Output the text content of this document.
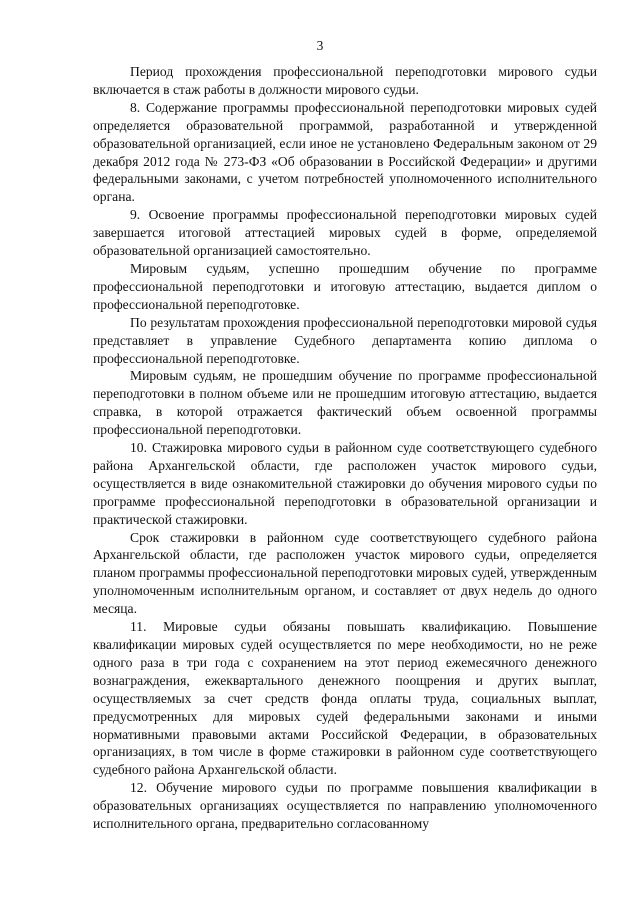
3

Период прохождения профессиональной переподготовки мирового судьи включается в стаж работы в должности мирового судьи.

8. Содержание программы профессиональной переподготовки мировых судей определяется образовательной программой, разработанной и утвержденной образовательной организацией, если иное не установлено Федеральным законом от 29 декабря 2012 года № 273-ФЗ «Об образовании в Российской Федерации» и другими федеральными законами, с учетом потребностей уполномоченного исполнительного органа.

9. Освоение программы профессиональной переподготовки мировых судей завершается итоговой аттестацией мировых судей в форме, определяемой образовательной организацией самостоятельно.

Мировым судьям, успешно прошедшим обучение по программе профессиональной переподготовки и итоговую аттестацию, выдается диплом о профессиональной переподготовке.

По результатам прохождения профессиональной переподготовки мировой судья представляет в управление Судебного департамента копию диплома о профессиональной переподготовке.

Мировым судьям, не прошедшим обучение по программе профессиональной переподготовки в полном объеме или не прошедшим итоговую аттестацию, выдается справка, в которой отражается фактический объем освоенной программы профессиональной переподготовки.

10. Стажировка мирового судьи в районном суде соответствующего судебного района Архангельской области, где расположен участок мирового судьи, осуществляется в виде ознакомительной стажировки до обучения мирового судьи по программе профессиональной переподготовки в образовательной организации и практической стажировки.

Срок стажировки в районном суде соответствующего судебного района Архангельской области, где расположен участок мирового судьи, определяется планом программы профессиональной переподготовки мировых судей, утвержденным уполномоченным исполнительным органом, и составляет от двух недель до одного месяца.

11. Мировые судьи обязаны повышать квалификацию. Повышение квалификации мировых судей осуществляется по мере необходимости, но не реже одного раза в три года с сохранением на этот период ежемесячного денежного вознаграждения, ежеквартального денежного поощрения и других выплат, осуществляемых за счет средств фонда оплаты труда, социальных выплат, предусмотренных для мировых судей федеральными законами и иными нормативными правовыми актами Российской Федерации, в образовательных организациях, в том числе в форме стажировки в районном суде соответствующего судебного района Архангельской области.

12. Обучение мирового судьи по программе повышения квалификации в образовательных организациях осуществляется по направлению уполномоченного исполнительного органа, предварительно согласованному
